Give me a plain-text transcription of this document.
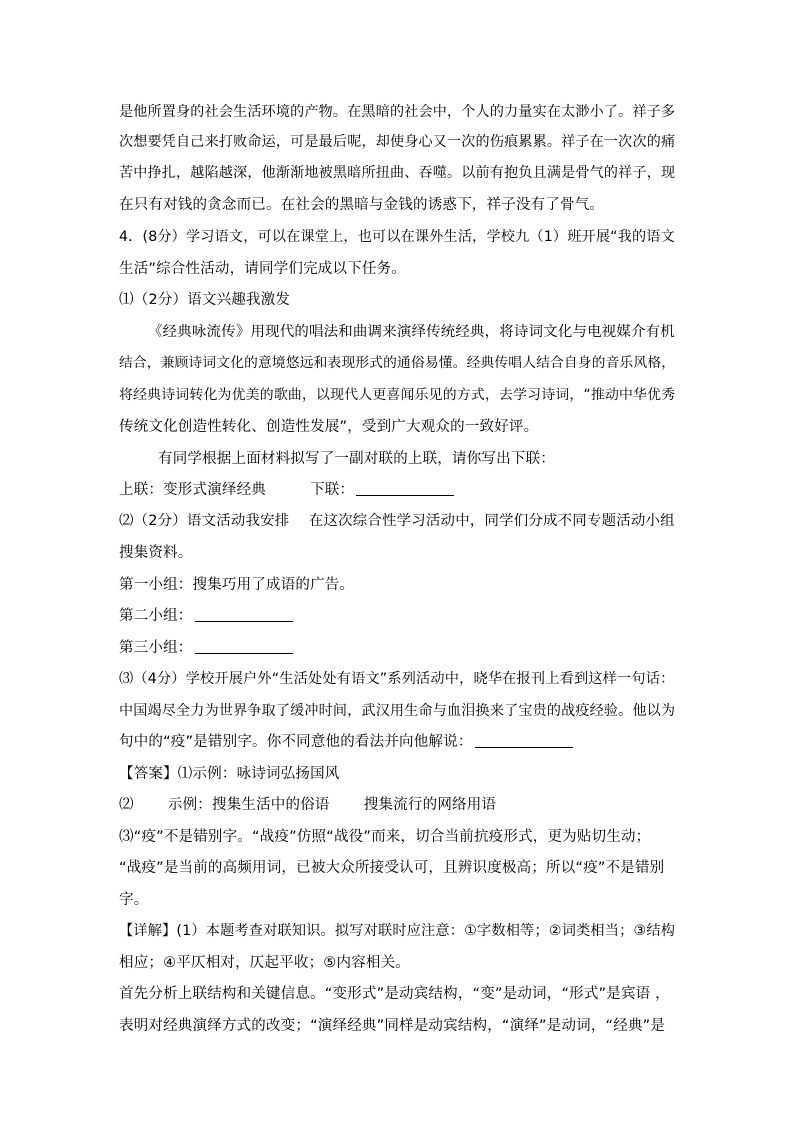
是他所置身的社会生活环境的产物。在黑暗的社会中，个人的力量实在太渺小了。祥子多
次想要凭自己来打败命运，可是最后呢，却使身心又一次的伤痕累累。祥子在一次次的痛
苦中挣扎，越陷越深，他渐渐地被黑暗所扭曲、吞噬。以前有抱负且满是骨气的祥子，现
在只有对钱的贪念而已。在社会的黑暗与金钱的诱惑下，祥子没有了骨气。
4．(8分）学习语文，可以在课堂上，也可以在课外生活，学校九（1）班开展“我的语文
生活”综合性活动，请同学们完成以下任务。
⑴（2分）语文兴趣我激发
《经典咏流传》用现代的唱法和曲调来演绎传统经典，将诗词文化与电视媒介有机
结合，兼顾诗词文化的意境悠远和表现形式的通俗易懂。经典传唱人结合自身的音乐风格，
将经典诗词转化为优美的歌曲，以现代人更喜闻乐见的方式，去学习诗词，“推动中华优秀
传统文化创造性转化、创造性发展”，受到广大观众的一致好评。
有同学根据上面材料拟写了一副对联的上联，请你写出下联：
上联：变形式演绎经典　　　下联：
⑵（2分）语文活动我安排　 在这次综合性学习活动中，同学们分成不同专题活动小组
搜集资料。
第一小组：搜集巧用了成语的广告。
第二小组：
第三小组：
⑶（4分）学校开展户外“生活处处有语文”系列活动中，晓华在报刊上看到这样一句话：
中国竭尽全力为世界争取了缓冲时间，武汉用生命与血泪换来了宝贵的战疫经验。他以为
句中的“疫”是错别字。你不同意他的看法并向他解说：
【答案】⑴示例：咏诗词弘扬国风
⑵　　 示例：搜集生活中的俗语　　 搜集流行的网络用语
⑶“疫”不是错别字。“战疫”仿照“战役”而来，切合当前抗疫形式，更为贴切生动；
“战疫”是当前的高频用词，已被大众所接受认可，且辨识度极高；所以“疫”不是错别
字。
【详解】(1）本题考查对联知识。拟写对联时应注意：①字数相等；②词类相当；③结构
相应；④平仄相对，仄起平收；⑤内容相关。
首先分析上联结构和关键信息。“变形式”是动宾结构，“变”是动词，“形式”是宾语 ，
表明对经典演绎方式的改变；“演绎经典”同样是动宾结构，“演绎”是动词，“经典”是
